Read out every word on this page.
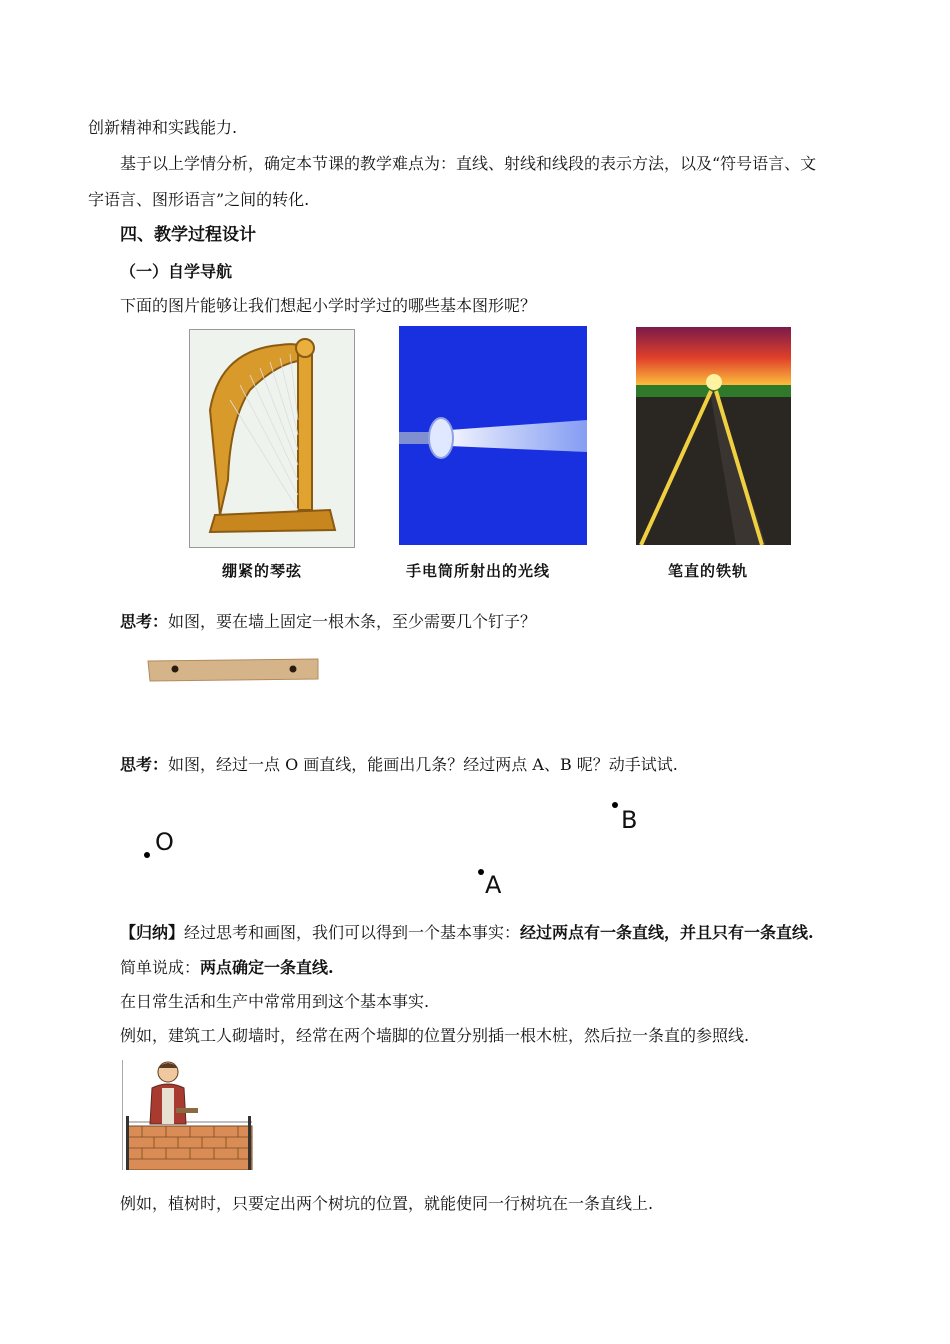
创新精神和实践能力.
基于以上学情分析，确定本节课的教学难点为：直线、射线和线段的表示方法，以及“符号语言、文
字语言、图形语言”之间的转化.
四、教学过程设计
（一）自学导航
下面的图片能够让我们想起小学时学过的哪些基本图形呢？
绷紧的琴弦	手电筒所射出的光线	笔直的铁轨
思考：如图，要在墙上固定一根木条，至少需要几个钉子？
思考：如图，经过一点 O 画直线，能画出几条？经过两点 A、B 呢？动手试试.
O
A
B
【归纳】经过思考和画图，我们可以得到一个基本事实：经过两点有一条直线，并且只有一条直线.
简单说成：两点确定一条直线.
在日常生活和生产中常常用到这个基本事实.
例如，建筑工人砌墙时，经常在两个墙脚的位置分别插一根木桩，然后拉一条直的参照线.
例如，植树时，只要定出两个树坑的位置，就能使同一行树坑在一条直线上.
